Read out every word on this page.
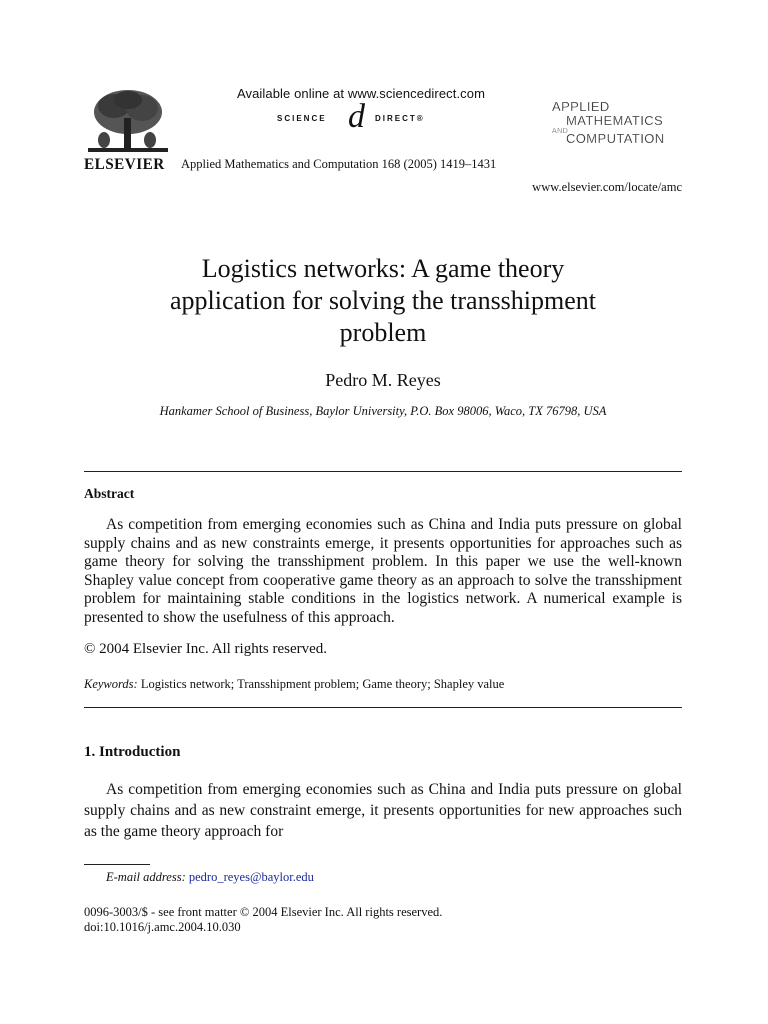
Available online at www.sciencedirect.com
SCIENCE d DIRECT®
ELSEVIER Applied Mathematics and Computation 168 (2005) 1419–1431
APPLIED
MATHEMATICS
AND
COMPUTATION
www.elsevier.com/locate/amc
Logistics networks: A game theory
application for solving the transshipment
problem
Pedro M. Reyes
Hankamer School of Business, Baylor University, P.O. Box 98006, Waco, TX 76798, USA
Abstract

As competition from emerging economies such as China and India puts pressure on global supply chains and as new constraints emerge, it presents opportunities for approaches such as game theory for solving the transshipment problem. In this paper we use the well-known Shapley value concept from cooperative game theory as an approach to solve the transshipment problem for maintaining stable conditions in the logistics network. A numerical example is presented to show the usefulness of this approach.

© 2004 Elsevier Inc. All rights reserved.
Keywords: Logistics network; Transshipment problem; Game theory; Shapley value
1. Introduction

As competition from emerging economies such as China and India puts pressure on global supply chains and as new constraint emerge, it presents opportunities for new approaches such as the game theory approach for

E-mail address: pedro_reyes@baylor.edu
0096-3003/$ - see front matter © 2004 Elsevier Inc. All rights reserved.
doi:10.1016/j.amc.2004.10.030
